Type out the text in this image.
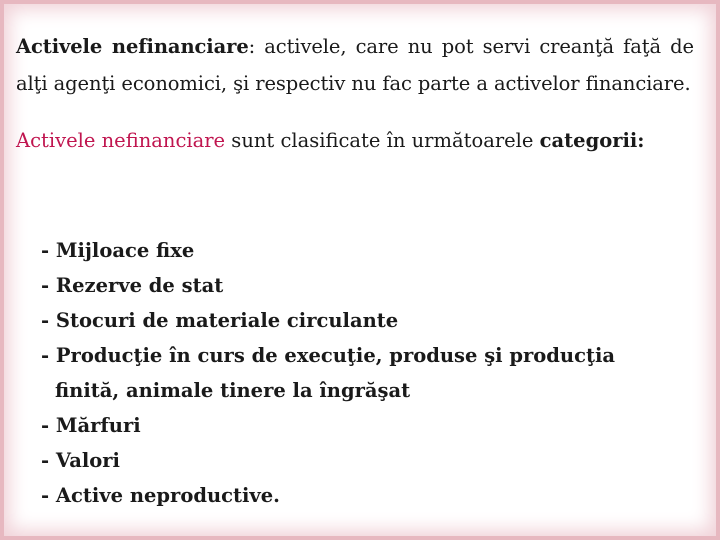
Activele nefinanciare: activele, care nu pot servi creanţă faţă de alţi agenţi economici, şi respectiv nu fac parte a activelor financiare.

Activele nefinanciare sunt clasificate în următoarele categorii:

- Mijloace fixe
- Rezerve de stat
- Stocuri de materiale circulante
- Producţie în curs de execuţie, produse şi producţia
finită, animale tinere la îngrăşat
- Mărfuri
- Valori
- Active neproductive.
